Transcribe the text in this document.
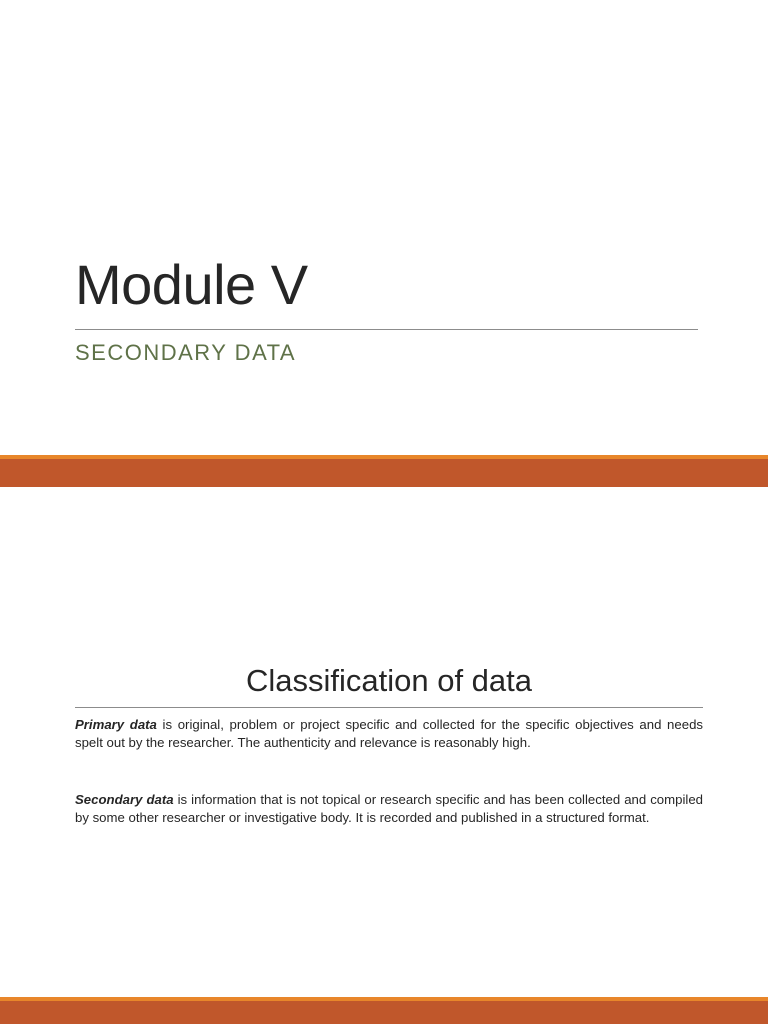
Module V
SECONDARY DATA
Classification of data
Primary data is original, problem or project specific and collected for the specific objectives and needs spelt out by the researcher. The authenticity and relevance is reasonably high.
Secondary data is information that is not topical or research specific and has been collected and compiled by some other researcher or investigative body. It is recorded and published in a structured format.
